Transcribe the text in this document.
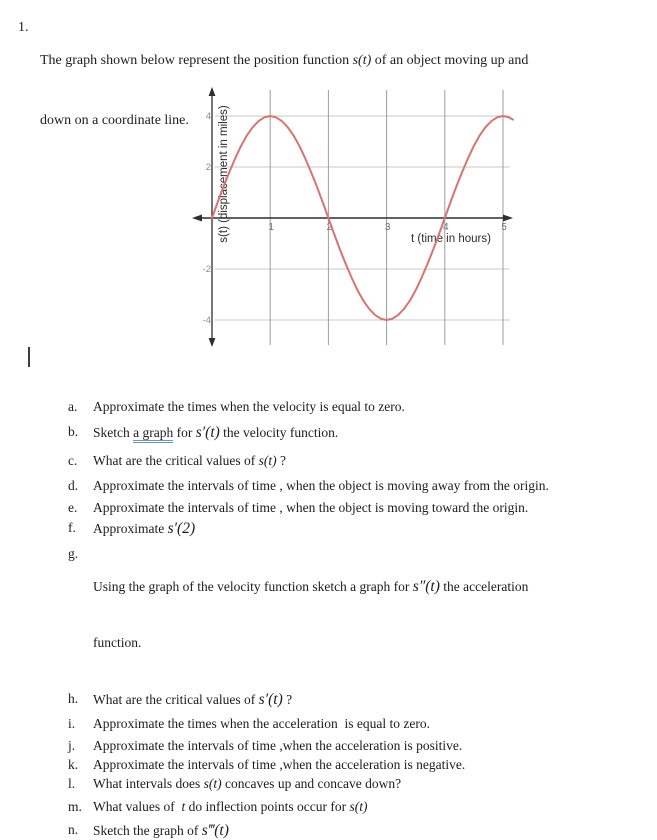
1.

The graph shown below represent the position function s(t) of an object moving up and

down on a coordinate line.

	4
2
-2
-4
1	2	3	4	5
t (time in hours)
s(t) (displacement in miles)
a.	Approximate the times when the velocity is equal to zero.
b.	Sketch a graph for s′(t) the velocity function.
c.	What are the critical values of s(t) ?
d.	Approximate the intervals of time , when the object is moving away from the origin.
e.	Approximate the intervals of time , when the object is moving toward the origin.
f.	Approximate s′(2)
g.

Using the graph of the velocity function sketch a graph for s″(t) the acceleration

function.

h.	What are the critical values of s′(t) ?
i.	Approximate the times when the acceleration  is equal to zero.
j.	Approximate the intervals of time ,when the acceleration is positive.
k.	Approximate the intervals of time ,when the acceleration is negative.
l.	What intervals does s(t) concaves up and concave down?
m. What values of  t do inflection points occur for s(t)
n.	Sketch the graph of s‴(t)
